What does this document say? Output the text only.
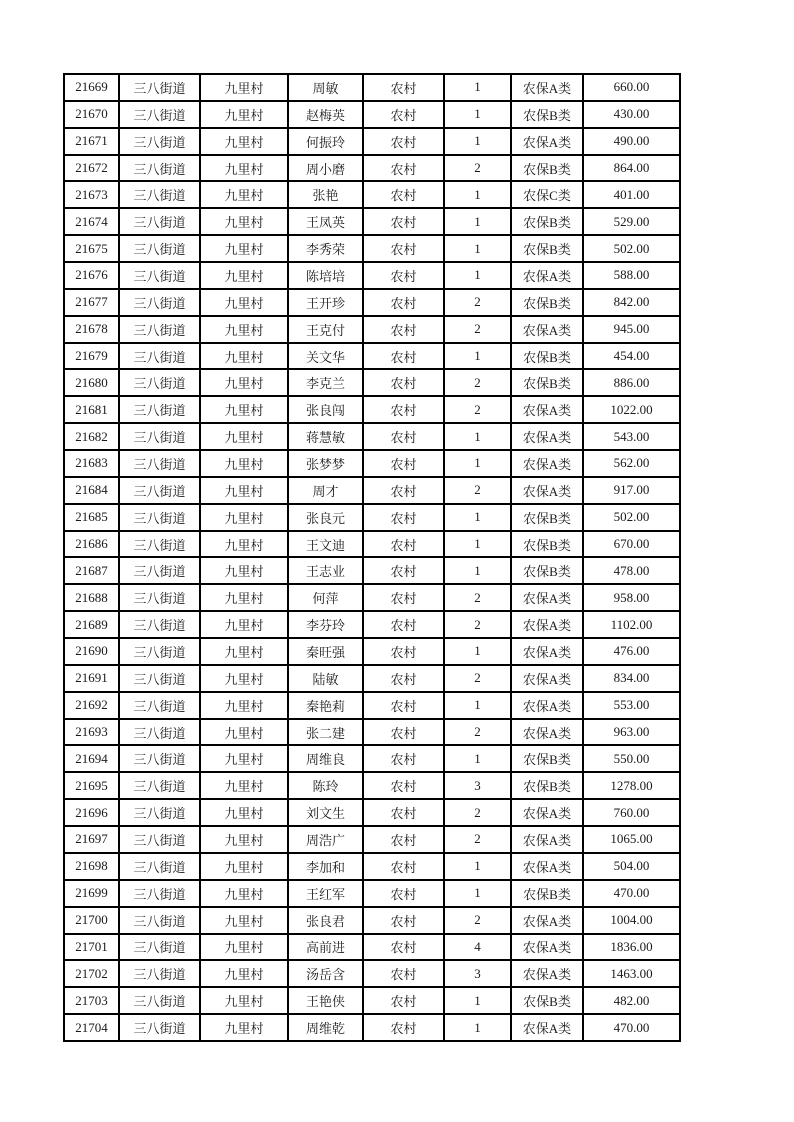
21669	三八街道	九里村	周敏	农村	1	农保A类	660.00
21670	三八街道	九里村	赵梅英	农村	1	农保B类	430.00
21671	三八街道	九里村	何振玲	农村	1	农保A类	490.00
21672	三八街道	九里村	周小磨	农村	2	农保B类	864.00
21673	三八街道	九里村	张艳	农村	1	农保C类	401.00
21674	三八街道	九里村	王凤英	农村	1	农保B类	529.00
21675	三八街道	九里村	李秀荣	农村	1	农保B类	502.00
21676	三八街道	九里村	陈培培	农村	1	农保A类	588.00
21677	三八街道	九里村	王开珍	农村	2	农保B类	842.00
21678	三八街道	九里村	王克付	农村	2	农保A类	945.00
21679	三八街道	九里村	关文华	农村	1	农保B类	454.00
21680	三八街道	九里村	李克兰	农村	2	农保B类	886.00
21681	三八街道	九里村	张良闯	农村	2	农保A类	1022.00
21682	三八街道	九里村	蒋慧敏	农村	1	农保A类	543.00
21683	三八街道	九里村	张梦梦	农村	1	农保A类	562.00
21684	三八街道	九里村	周才	农村	2	农保A类	917.00
21685	三八街道	九里村	张良元	农村	1	农保B类	502.00
21686	三八街道	九里村	王文迪	农村	1	农保B类	670.00
21687	三八街道	九里村	王志业	农村	1	农保B类	478.00
21688	三八街道	九里村	何萍	农村	2	农保A类	958.00
21689	三八街道	九里村	李芬玲	农村	2	农保A类	1102.00
21690	三八街道	九里村	秦旺强	农村	1	农保A类	476.00
21691	三八街道	九里村	陆敏	农村	2	农保A类	834.00
21692	三八街道	九里村	秦艳莉	农村	1	农保A类	553.00
21693	三八街道	九里村	张二建	农村	2	农保A类	963.00
21694	三八街道	九里村	周维良	农村	1	农保B类	550.00
21695	三八街道	九里村	陈玲	农村	3	农保B类	1278.00
21696	三八街道	九里村	刘文生	农村	2	农保A类	760.00
21697	三八街道	九里村	周浩广	农村	2	农保A类	1065.00
21698	三八街道	九里村	李加和	农村	1	农保A类	504.00
21699	三八街道	九里村	王红军	农村	1	农保B类	470.00
21700	三八街道	九里村	张良君	农村	2	农保A类	1004.00
21701	三八街道	九里村	高前进	农村	4	农保A类	1836.00
21702	三八街道	九里村	汤岳含	农村	3	农保A类	1463.00
21703	三八街道	九里村	王艳侠	农村	1	农保B类	482.00
21704	三八街道	九里村	周维乾	农村	1	农保A类	470.00
